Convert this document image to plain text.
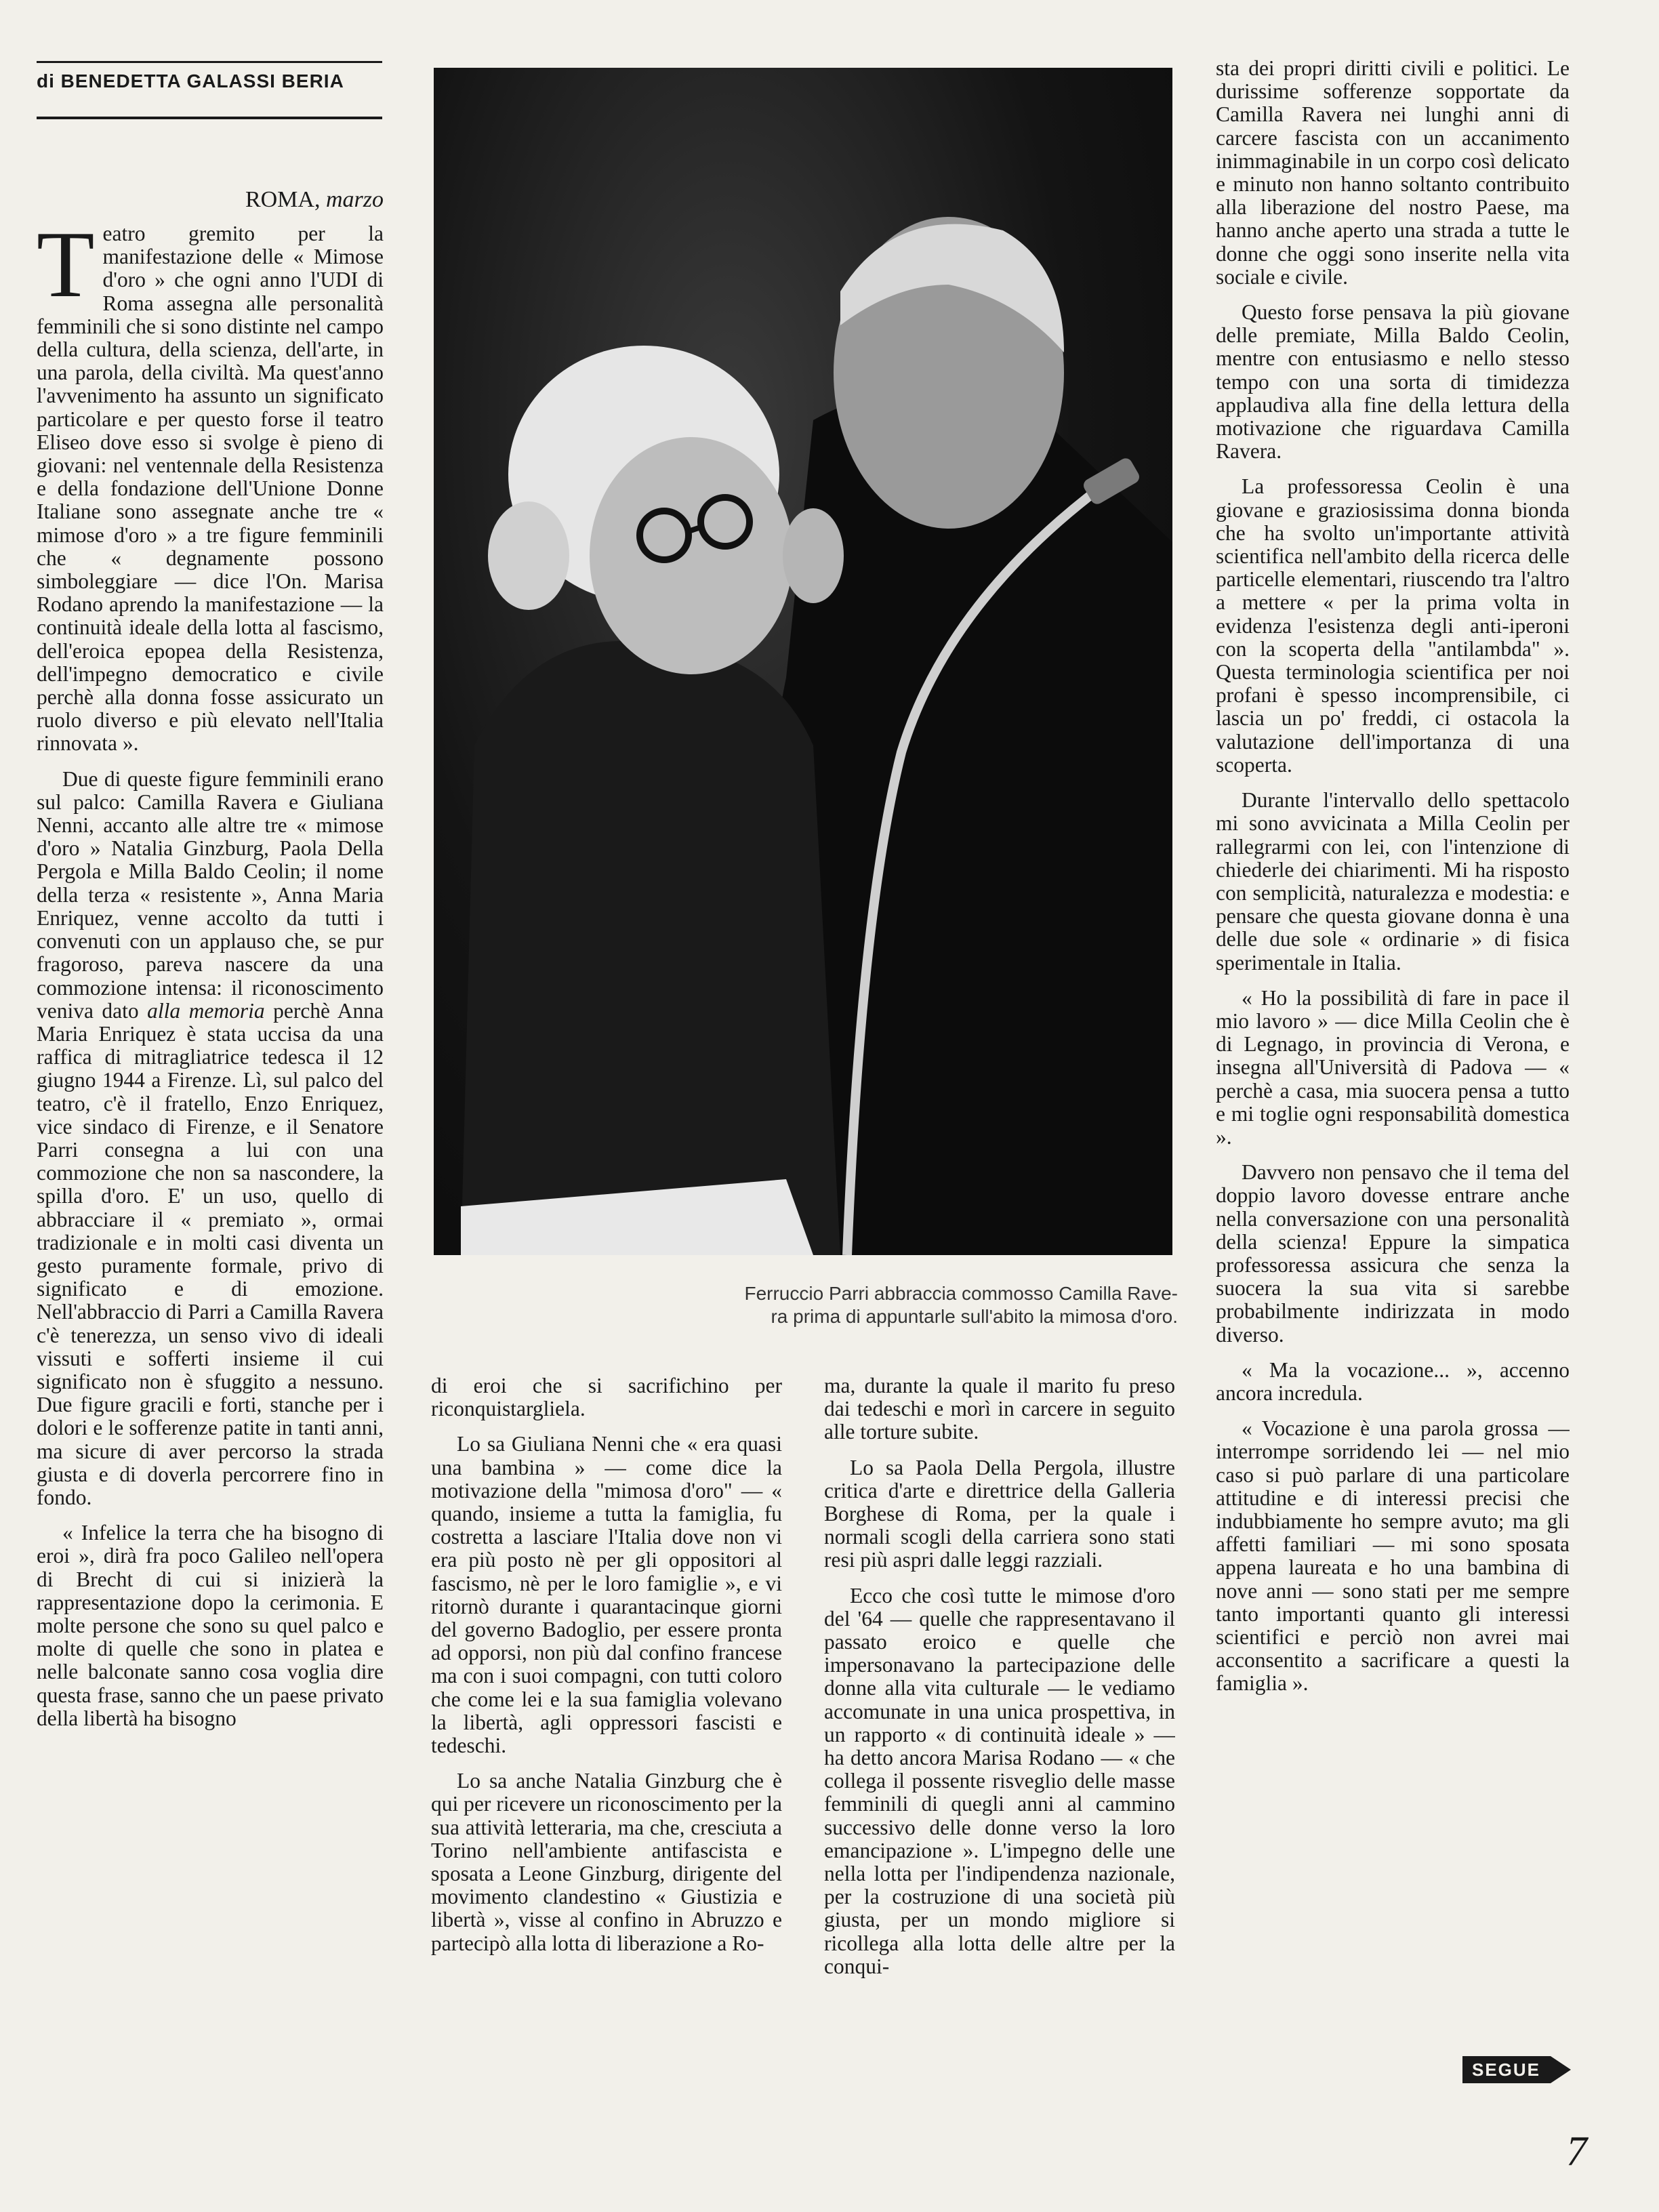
di BENEDETTA GALASSI BERIA
ROMA, marzo

Teatro gremito per la manifestazione delle « Mimose d'oro » che ogni anno l'UDI di Roma assegna alle personalità femminili che si sono distinte nel campo della cultura, della scienza, dell'arte, in una parola, della civiltà. Ma quest'anno l'avvenimento ha assunto un significato particolare e per questo forse il teatro Eliseo dove esso si svolge è pieno di giovani: nel ventennale della Resistenza e della fondazione dell'Unione Donne Italiane sono assegnate anche tre « mimose d'oro » a tre figure femminili che « degnamente possono simboleggiare — dice l'On. Marisa Rodano aprendo la manifestazione — la continuità ideale della lotta al fascismo, dell'eroica epopea della Resistenza, dell'impegno democratico e civile perchè alla donna fosse assicurato un ruolo diverso e più elevato nell'Italia rinnovata ».

Due di queste figure femminili erano sul palco: Camilla Ravera e Giuliana Nenni, accanto alle altre tre « mimose d'oro » Natalia Ginzburg, Paola Della Pergola e Milla Baldo Ceolin; il nome della terza « resistente », Anna Maria Enriquez, venne accolto da tutti i convenuti con un applauso che, se pur fragoroso, pareva nascere da una commozione intensa: il riconoscimento veniva dato alla memoria perchè Anna Maria Enriquez è stata uccisa da una raffica di mitragliatrice tedesca il 12 giugno 1944 a Firenze. Lì, sul palco del teatro, c'è il fratello, Enzo Enriquez, vice sindaco di Firenze, e il Senatore Parri consegna a lui con una commozione che non sa nascondere, la spilla d'oro. E' un uso, quello di abbracciare il « premiato », ormai tradizionale e in molti casi diventa un gesto puramente formale, privo di significato e di emozione. Nell'abbraccio di Parri a Camilla Ravera c'è tenerezza, un senso vivo di ideali vissuti e sofferti insieme il cui significato non è sfuggito a nessuno. Due figure gracili e forti, stanche per i dolori e le sofferenze patite in tanti anni, ma sicure di aver percorso la strada giusta e di doverla percorrere fino in fondo.

« Infelice la terra che ha bisogno di eroi », dirà fra poco Galileo nell'opera di Brecht di cui si inizierà la rappresentazione dopo la cerimonia. E molte persone che sono su quel palco e molte di quelle che sono in platea e nelle balconate sanno cosa voglia dire questa frase, sanno che un paese privato della libertà ha bisogno

Ferruccio Parri abbraccia commosso Camilla Rave-
ra prima di appuntarle sull'abito la mimosa d'oro.

di eroi che si sacrifichino per riconquistargliela.

Lo sa Giuliana Nenni che « era quasi una bambina » — come dice la motivazione della "mimosa d'oro" — « quando, insieme a tutta la famiglia, fu costretta a lasciare l'Italia dove non vi era più posto nè per gli oppositori al fascismo, nè per le loro famiglie », e vi ritornò durante i quarantacinque giorni del governo Badoglio, per essere pronta ad opporsi, non più dal confino francese ma con i suoi compagni, con tutti coloro che come lei e la sua famiglia volevano la libertà, agli oppressori fascisti e tedeschi.

Lo sa anche Natalia Ginzburg che è qui per ricevere un riconoscimento per la sua attività letteraria, ma che, cresciuta a Torino nell'ambiente antifascista e sposata a Leone Ginzburg, dirigente del movimento clandestino « Giustizia e libertà », visse al confino in Abruzzo e partecipò alla lotta di liberazione a Ro-

ma, durante la quale il marito fu preso dai tedeschi e morì in carcere in seguito alle torture subite.

Lo sa Paola Della Pergola, illustre critica d'arte e direttrice della Galleria Borghese di Roma, per la quale i normali scogli della carriera sono stati resi più aspri dalle leggi razziali.

Ecco che così tutte le mimose d'oro del '64 — quelle che rappresentavano il passato eroico e quelle che impersonavano la partecipazione delle donne alla vita culturale — le vediamo accomunate in una unica prospettiva, in un rapporto « di continuità ideale » — ha detto ancora Marisa Rodano — « che collega il possente risveglio delle masse femminili di quegli anni al cammino successivo delle donne verso la loro emancipazione ». L'impegno delle une nella lotta per l'indipendenza nazionale, per la costruzione di una società più giusta, per un mondo migliore si ricollega alla lotta delle altre per la conqui-

sta dei propri diritti civili e politici. Le durissime sofferenze sopportate da Camilla Ravera nei lunghi anni di carcere fascista con un accanimento inimmaginabile in un corpo così delicato e minuto non hanno soltanto contribuito alla liberazione del nostro Paese, ma hanno anche aperto una strada a tutte le donne che oggi sono inserite nella vita sociale e civile.

Questo forse pensava la più giovane delle premiate, Milla Baldo Ceolin, mentre con entusiasmo e nello stesso tempo con una sorta di timidezza applaudiva alla fine della lettura della motivazione che riguardava Camilla Ravera.

La professoressa Ceolin è una giovane e graziosissima donna bionda che ha svolto un'importante attività scientifica nell'ambito della ricerca delle particelle elementari, riuscendo tra l'altro a mettere « per la prima volta in evidenza l'esistenza degli anti-iperoni con la scoperta della "antilambda" ». Questa terminologia scientifica per noi profani è spesso incomprensibile, ci lascia un po' freddi, ci ostacola la valutazione dell'importanza di una scoperta.

Durante l'intervallo dello spettacolo mi sono avvicinata a Milla Ceolin per rallegrarmi con lei, con l'intenzione di chiederle dei chiarimenti. Mi ha risposto con semplicità, naturalezza e modestia: e pensare che questa giovane donna è una delle due sole « ordinarie » di fisica sperimentale in Italia.

« Ho la possibilità di fare in pace il mio lavoro » — dice Milla Ceolin che è di Legnago, in provincia di Verona, e insegna all'Università di Padova — « perchè a casa, mia suocera pensa a tutto e mi toglie ogni responsabilità domestica ».

Davvero non pensavo che il tema del doppio lavoro dovesse entrare anche nella conversazione con una personalità della scienza! Eppure la simpatica professoressa assicura che senza la suocera la sua vita si sarebbe probabilmente indirizzata in modo diverso.

« Ma la vocazione... », accenno ancora incredula.

« Vocazione è una parola grossa — interrompe sorridendo lei — nel mio caso si può parlare di una particolare attitudine e di interessi precisi che indubbiamente ho sempre avuto; ma gli affetti familiari — mi sono sposata appena laureata e ho una bambina di nove anni — sono stati per me sempre tanto importanti quanto gli interessi scientifici e perciò non avrei mai acconsentito a sacrificare a questi la famiglia ».

SEGUE
7
